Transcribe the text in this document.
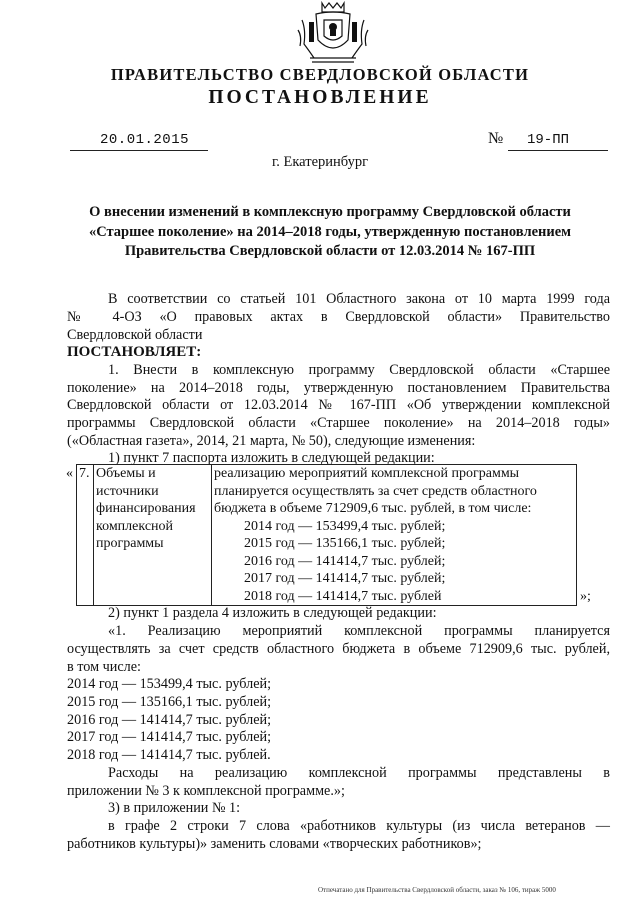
ПРАВИТЕЛЬСТВО СВЕРДЛОВСКОЙ ОБЛАСТИ
ПОСТАНОВЛЕНИЕ
20.01.2015	№ 19-ПП
г. Екатеринбург
О внесении изменений в комплексную программу Свердловской области
«Старшее поколение» на 2014–2018 годы, утвержденную постановлением
Правительства Свердловской области от 12.03.2014 № 167-ПП
В соответствии со статьей 101 Областного закона от 10 марта 1999 года
№ 4-ОЗ «О правовых актах в Свердловской области» Правительство
Свердловской области
ПОСТАНОВЛЯЕТ:
1. Внести в комплексную программу Свердловской области «Старшее
поколение» на 2014–2018 годы, утвержденную постановлением Правительства
Свердловской области от 12.03.2014 № 167-ПП «Об утверждении комплексной
программы Свердловской области «Старшее поколение» на 2014–2018 годы»
(«Областная газета», 2014, 21 марта, № 50), следующие изменения:
1) пункт 7 паспорта изложить в следующей редакции:
«	7.	Объемы и
источники
финансирования
комплексной
программы

реализацию мероприятий комплексной программы
планируется осуществлять за счет средств областного
бюджета в объеме 712909,6 тыс. рублей, в том числе:
2014 год — 153499,4 тыс. рублей;
2015 год — 135166,1 тыс. рублей;
2016 год — 141414,7 тыс. рублей;
2017 год — 141414,7 тыс. рублей;
2018 год — 141414,7 тыс. рублей	»;
2) пункт 1 раздела 4 изложить в следующей редакции:
«1. Реализацию мероприятий комплексной программы планируется
осуществлять за счет средств областного бюджета в объеме 712909,6 тыс. рублей,
в том числе:
2014 год — 153499,4 тыс. рублей;
2015 год — 135166,1 тыс. рублей;
2016 год — 141414,7 тыс. рублей;
2017 год — 141414,7 тыс. рублей;
2018 год — 141414,7 тыс. рублей.
Расходы на реализацию комплексной программы представлены в
приложении № 3 к комплексной программе.»;
3) в приложении № 1:
в графе 2 строки 7 слова «работников культуры (из числа ветеранов —
работников культуры)» заменить словами «творческих работников»;
Отпечатано для Правительства Свердловской области, заказ № 106, тираж 5000
